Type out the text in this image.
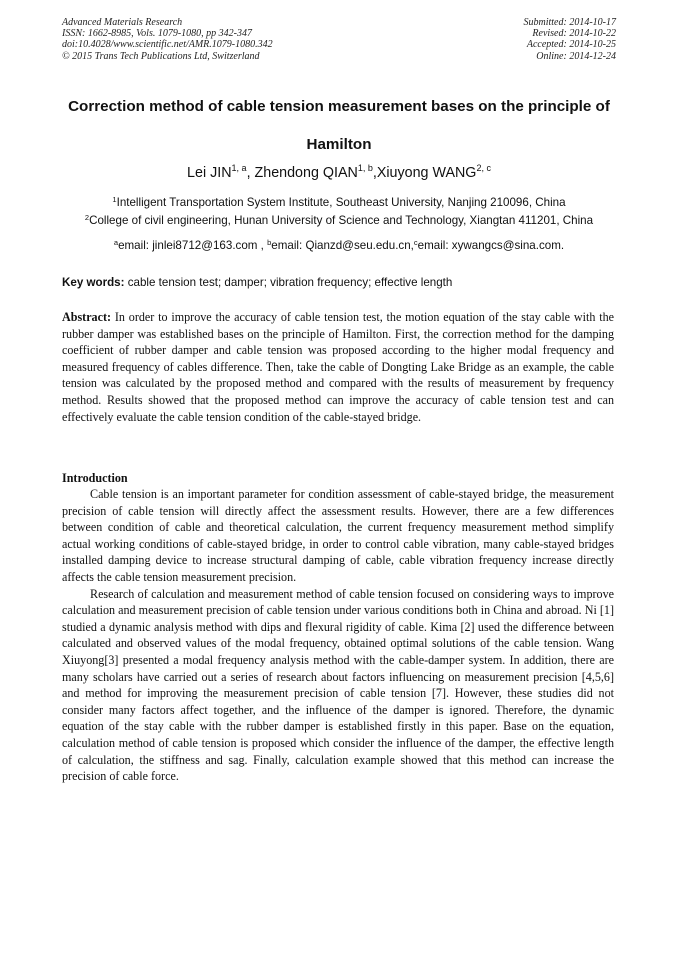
Advanced Materials Research
ISSN: 1662-8985, Vols. 1079-1080, pp 342-347
doi:10.4028/www.scientific.net/AMR.1079-1080.342
© 2015 Trans Tech Publications Ltd, Switzerland
Submitted: 2014-10-17
Revised: 2014-10-22
Accepted: 2014-10-25
Online: 2014-12-24
Correction method of cable tension measurement bases on the principle of Hamilton
Lei JIN$^{1, a}$, Zhendong QIAN$^{1, b}$,Xiuyong WANG$^{2, c}$
$^1$Intelligent Transportation System Institute, Southeast University, Nanjing 210096, China
$^2$College of civil engineering, Hunan University of Science and Technology, Xiangtan 411201, China
$^a$email: jinlei8712@163.com , $^b$email: Qianzd@seu.edu.cn,$^c$email: xywangcs@sina.com.
Key words: cable tension test; damper; vibration frequency; effective length
Abstract: In order to improve the accuracy of cable tension test, the motion equation of the stay cable with the rubber damper was established bases on the principle of Hamilton. First, the correction method for the damping coefficient of rubber damper and cable tension was proposed according to the higher modal frequency and measured frequency of cables difference. Then, take the cable of Dongting Lake Bridge as an example, the cable tension was calculated by the proposed method and compared with the results of measurement by frequency method. Results showed that the proposed method can improve the accuracy of cable tension test and can effectively evaluate the cable tension condition of the cable-stayed bridge.
Introduction

Cable tension is an important parameter for condition assessment of cable-stayed bridge, the measurement precision of cable tension will directly affect the assessment results. However, there are a few differences between condition of cable and theoretical calculation, the current frequency measurement method simplify actual working conditions of cable-stayed bridge, in order to control cable vibration, many cable-stayed bridges installed damping device to increase structural damping of cable, cable vibration frequency increase directly affects the cable tension measurement precision.

Research of calculation and measurement method of cable tension focused on considering ways to improve calculation and measurement precision of cable tension under various conditions both in China and abroad. Ni [1] studied a dynamic analysis method with dips and flexural rigidity of cable. Kima [2] used the difference between calculated and observed values of the modal frequency, obtained optimal solutions of the cable tension. Wang Xiuyong[3] presented a modal frequency analysis method with the cable-damper system. In addition, there are many scholars have carried out a series of research about factors influencing on measurement precision [4,5,6] and method for improving the measurement precision of cable tension [7]. However, these studies did not consider many factors affect together, and the influence of the damper is ignored. Therefore, the dynamic equation of the stay cable with the rubber damper is established firstly in this paper. Base on the equation, calculation method of cable tension is proposed which consider the influence of the damper, the effective length of calculation, the stiffness and sag. Finally, calculation example showed that this method can increase the precision of cable force.
